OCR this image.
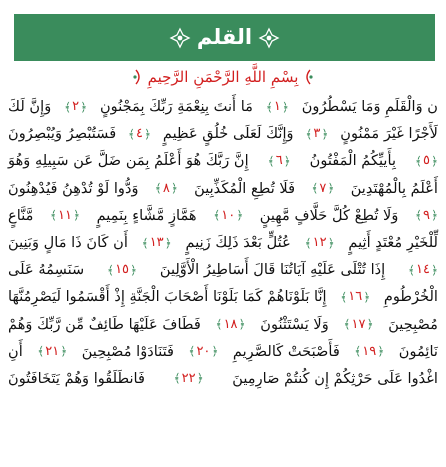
القلم
بِسْمِ اللَّهِ الرَّحْمَنِ الرَّحِيمِ
ن وَالْقَلَمِ وَمَا يَسْطُرُونَ
﴿
١
﴾
مَا أَنتَ بِنِعْمَةِ رَبِّكَ بِمَجْنُونٍ
﴿
٢
﴾
وَإِنَّ لَكَ
لَأَجْرًا غَيْرَ مَمْنُونٍ
﴿
٣
﴾
وَإِنَّكَ لَعَلَى خُلُقٍ عَظِيمٍ
﴿
٤
﴾
فَسَتُبْصِرُ وَيُبْصِرُونَ
﴿
٥
﴾
بِأَييِّكُمُ الْمَفْتُونُ
﴿
٦
﴾
إِنَّ رَبَّكَ هُوَ أَعْلَمُ بِمَن ضَلَّ عَن سَبِيلِهِ وَهُوَ
أَعْلَمُ بِالْمُهْتَدِينَ
﴿
٧
﴾
فَلَا تُطِعِ الْمُكَذِّبِينَ
﴿
٨
﴾
وَدُّوا لَوْ تُدْهِنُ فَيُدْهِنُونَ
﴿
٩
﴾
وَلَا تُطِعْ كُلَّ حَلَّافٍ مَّهِينٍ
﴿
١٠
﴾
هَمَّازٍ مَّشَّاءٍ بِنَمِيمٍ
﴿
١١
﴾
مَّنَّاعٍ
لِّلْخَيْرِ مُعْتَدٍ أَثِيمٍ
﴿
١٢
﴾
عُتُلٍّ بَعْدَ ذَلِكَ زَنِيمٍ
﴿
١٣
﴾
أَن كَانَ ذَا مَالٍ وَبَنِينَ
﴿
١٤
﴾
إِذَا تُتْلَى عَلَيْهِ آيَاتُنَا قَالَ أَسَاطِيرُ الْأَوَّلِينَ
﴿
١٥
﴾
سَنَسِمُهُ عَلَى
الْخُرْطُومِ
﴿
١٦
﴾
إِنَّا بَلَوْنَاهُمْ كَمَا بَلَوْنَا أَصْحَابَ الْجَنَّةِ إِذْ أَقْسَمُوا لَيَصْرِمُنَّهَا
مُصْبِحِينَ
﴿
١٧
﴾
وَلَا يَسْتَثْنُونَ
﴿
١٨
﴾
فَطَافَ عَلَيْهَا طَائِفٌ مِّن رَّبِّكَ وَهُمْ
نَائِمُونَ
﴿
١٩
﴾
فَأَصْبَحَتْ كَالصَّرِيمِ
﴿
٢٠
﴾
فَتَنَادَوْا مُصْبِحِينَ
﴿
٢١
﴾
أَنِ
اغْدُوا عَلَى حَرْثِكُمْ إِن كُنتُمْ صَارِمِينَ
﴿
٢٢
﴾
فَانطَلَقُوا وَهُمْ يَتَخَافَتُونَ
